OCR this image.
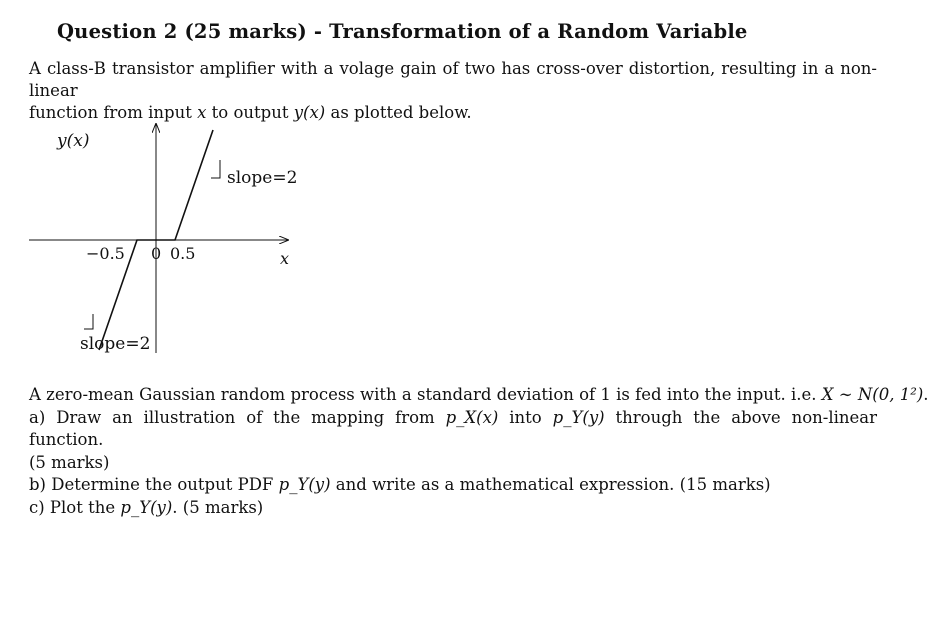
Question 2 (25 marks) - Transformation of a Random Variable
A class-B transistor amplifier with a volage gain of two has cross-over distortion, resulting in a non-linear
function from input x to output y(x) as plotted below.
y(x)
x
−0.5 0 0.5
slope=2
slope=2
A zero-mean Gaussian random process with a standard deviation of 1 is fed into the input. i.e. X ∼ N(0, 1²).
a) Draw an illustration of the mapping from p_X(x) into p_Y(y) through the above non-linear function.
(5 marks)
b) Determine the output PDF p_Y(y) and write as a mathematical expression. (15 marks)
c) Plot the p_Y(y). (5 marks)
